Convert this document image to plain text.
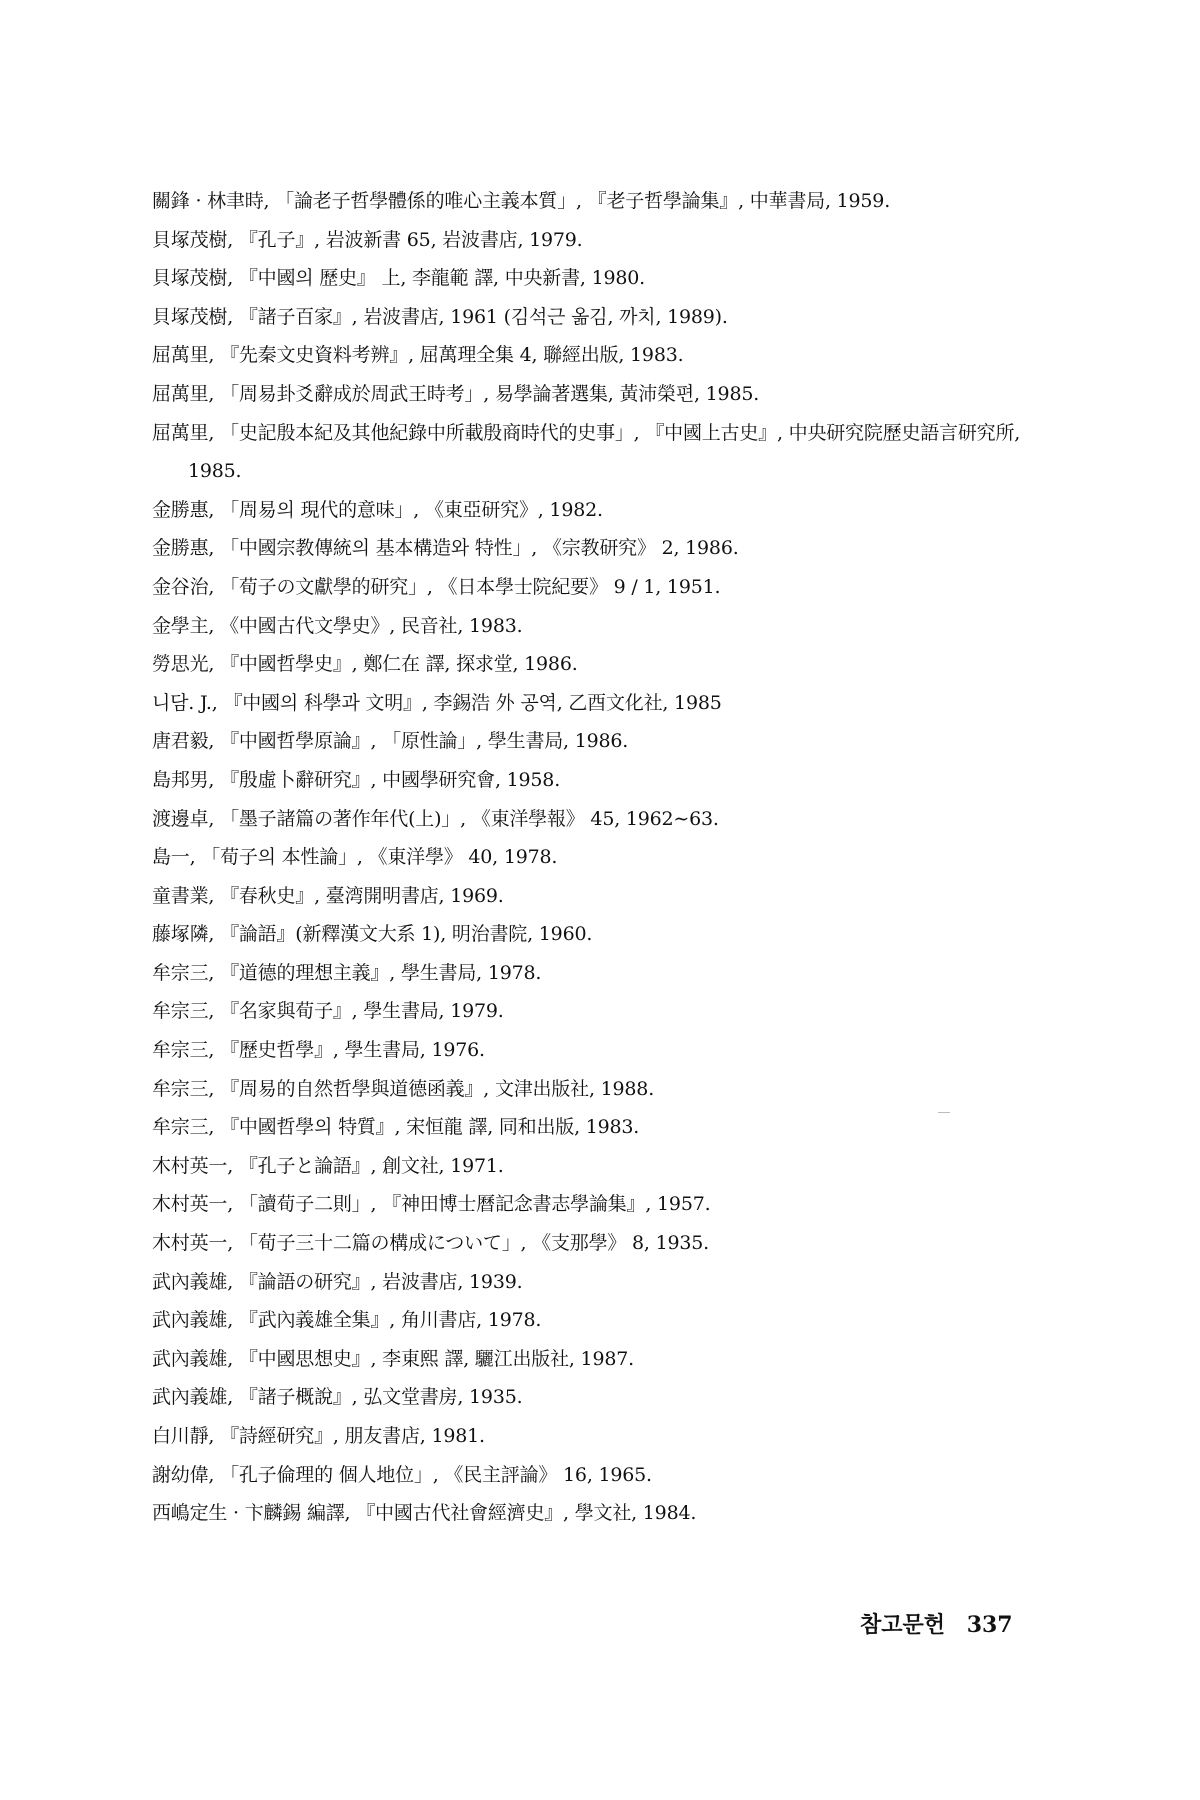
關鋒 · 林聿時, 「論老子哲學體係的唯心主義本質」, 『老子哲學論集』, 中華書局, 1959.
貝塚茂樹, 『孔子』, 岩波新書 65, 岩波書店, 1979.
貝塚茂樹, 『中國의 歷史』 上, 李龍範 譯, 中央新書, 1980.
貝塚茂樹, 『諸子百家』, 岩波書店, 1961 (김석근 옮김, 까치, 1989).
屈萬里, 『先秦文史資料考辨』, 屈萬理全集 4, 聯經出版, 1983.
屈萬里, 「周易卦爻辭成於周武王時考」, 易學論著選集, 黃沛榮편, 1985.
屈萬里, 「史記殷本紀及其他紀錄中所載殷商時代的史事」, 『中國上古史』, 中央研究院歷史語言研究所, 1985.
金勝惠, 「周易의 現代的意味」, 《東亞研究》, 1982.
金勝惠, 「中國宗教傳統의 基本構造와 特性」, 《宗教研究》 2, 1986.
金谷治, 「荀子の文獻學的研究」, 《日本學士院紀要》 9 / 1, 1951.
金學主, 《中國古代文學史》, 民音社, 1983.
勞思光, 『中國哲學史』, 鄭仁在 譯, 探求堂, 1986.
니담. J., 『中國의 科學과 文明』, 李錫浩 外 공역, 乙酉文化社, 1985
唐君毅, 『中國哲學原論』, 「原性論」, 學生書局, 1986.
島邦男, 『殷虛卜辭研究』, 中國學研究會, 1958.
渡邊卓, 「墨子諸篇の著作年代(上)」, 《東洋學報》 45, 1962∼63.
島一, 「荀子의 本性論」, 《東洋學》 40, 1978.
童書業, 『春秋史』, 臺湾開明書店, 1969.
藤塚隣, 『論語』(新釋漢文大系 1), 明治書院, 1960.
牟宗三, 『道德的理想主義』, 學生書局, 1978.
牟宗三, 『名家與荀子』, 學生書局, 1979.
牟宗三, 『歷史哲學』, 學生書局, 1976.
牟宗三, 『周易的自然哲學與道德函義』, 文津出版社, 1988.
牟宗三, 『中國哲學의 特質』, 宋恒龍 譯, 同和出版, 1983.
木村英一, 『孔子と論語』, 創文社, 1971.
木村英一, 「讀荀子二則」, 『神田博士曆記念書志學論集』, 1957.
木村英一, 「荀子三十二篇の構成について」, 《支那學》 8, 1935.
武內義雄, 『論語の研究』, 岩波書店, 1939.
武內義雄, 『武內義雄全集』, 角川書店, 1978.
武內義雄, 『中國思想史』, 李東熙 譯, 驪江出版社, 1987.
武內義雄, 『諸子概說』, 弘文堂書房, 1935.
白川靜, 『詩經研究』, 朋友書店, 1981.
謝幼偉, 「孔子倫理的 個人地位」, 《民主評論》 16, 1965.
西嶋定生 · 卞麟錫 編譯, 『中國古代社會經濟史』, 學文社, 1984.
참고문헌 337
